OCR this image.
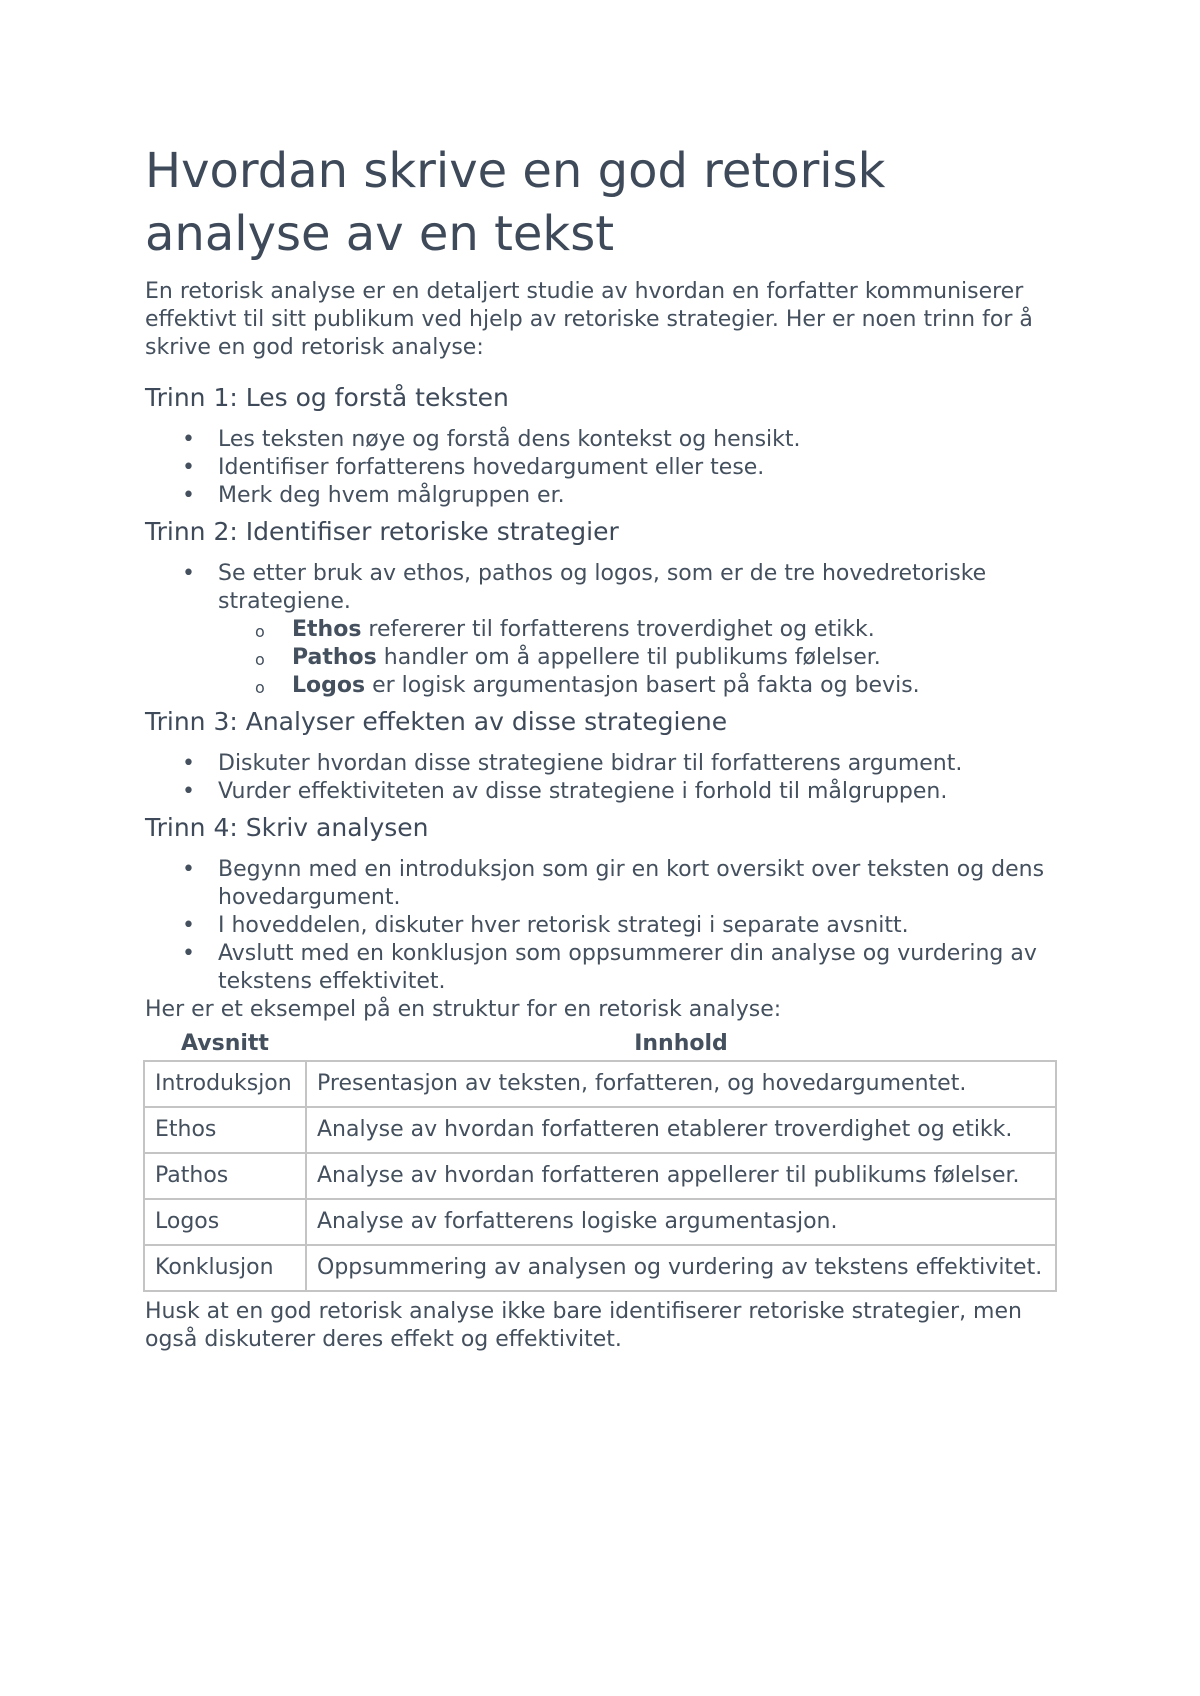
Hvordan skrive en god retorisk analyse av en tekst

En retorisk analyse er en detaljert studie av hvordan en forfatter kommuniserer effektivt til sitt publikum ved hjelp av retoriske strategier. Her er noen trinn for å skrive en god retorisk analyse:

Trinn 1: Les og forstå teksten
• Les teksten nøye og forstå dens kontekst og hensikt.
• Identifiser forfatterens hovedargument eller tese.
• Merk deg hvem målgruppen er.
Trinn 2: Identifiser retoriske strategier
• Se etter bruk av ethos, pathos og logos, som er de tre hovedretoriske strategiene.
o Ethos refererer til forfatterens troverdighet og etikk.
o Pathos handler om å appellere til publikums følelser.
o Logos er logisk argumentasjon basert på fakta og bevis.
Trinn 3: Analyser effekten av disse strategiene
• Diskuter hvordan disse strategiene bidrar til forfatterens argument.
• Vurder effektiviteten av disse strategiene i forhold til målgruppen.
Trinn 4: Skriv analysen
• Begynn med en introduksjon som gir en kort oversikt over teksten og dens hovedargument.
• I hoveddelen, diskuter hver retorisk strategi i separate avsnitt.
• Avslutt med en konklusjon som oppsummerer din analyse og vurdering av tekstens effektivitet.

Her er et eksempel på en struktur for en retorisk analyse:

Avsnitt	Innhold
Introduksjon	Presentasjon av teksten, forfatteren, og hovedargumentet.
Ethos	Analyse av hvordan forfatteren etablerer troverdighet og etikk.
Pathos	Analyse av hvordan forfatteren appellerer til publikums følelser.
Logos	Analyse av forfatterens logiske argumentasjon.
Konklusjon	Oppsummering av analysen og vurdering av tekstens effektivitet.

Husk at en god retorisk analyse ikke bare identifiserer retoriske strategier, men også diskuterer deres effekt og effektivitet.
